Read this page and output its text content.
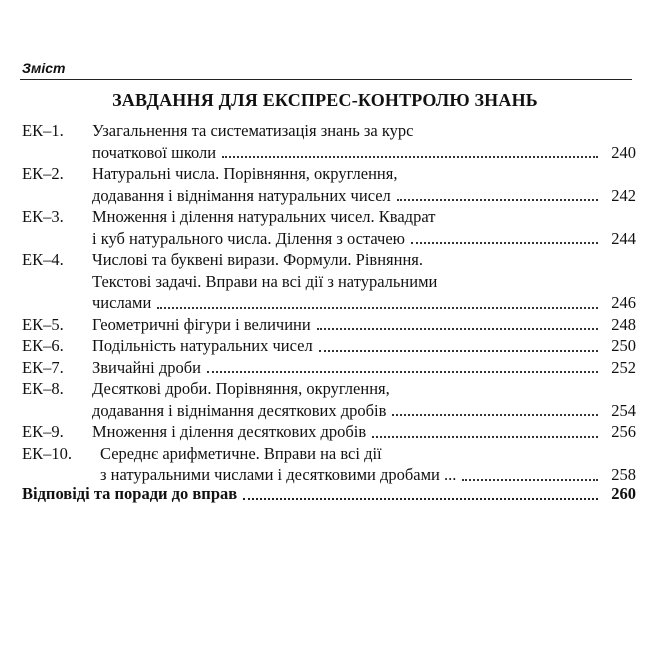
Зміст
ЗАВДАННЯ ДЛЯ ЕКСПРЕС-КОНТРОЛЮ ЗНАНЬ
ЕК–1.	Узагальнення та систематизація знань за курс
початкової школи	240
ЕК–2.	Натуральні числа. Порівняння, округлення,
додавання і віднімання натуральних чисел	242
ЕК–3.	Множення і ділення натуральних чисел. Квадрат
і куб натурального числа. Ділення з остачею	244
ЕК–4.	Числові та буквені вирази. Формули. Рівняння.
Текстові задачі. Вправи на всі дії з натуральними
числами	246
ЕК–5.	Геометричні фігури і величини	248
ЕК–6.	Подільність натуральних чисел	250
ЕК–7.	Звичайні дроби	252
ЕК–8.	Десяткові дроби. Порівняння, округлення,
додавання і віднімання десяткових дробів	254
ЕК–9.	Множення і ділення десяткових дробів	256
ЕК–10.	Середнє арифметичне. Вправи на всі дії
з натуральними числами і десятковими дробами ...	258
Відповіді та поради до вправ	260
